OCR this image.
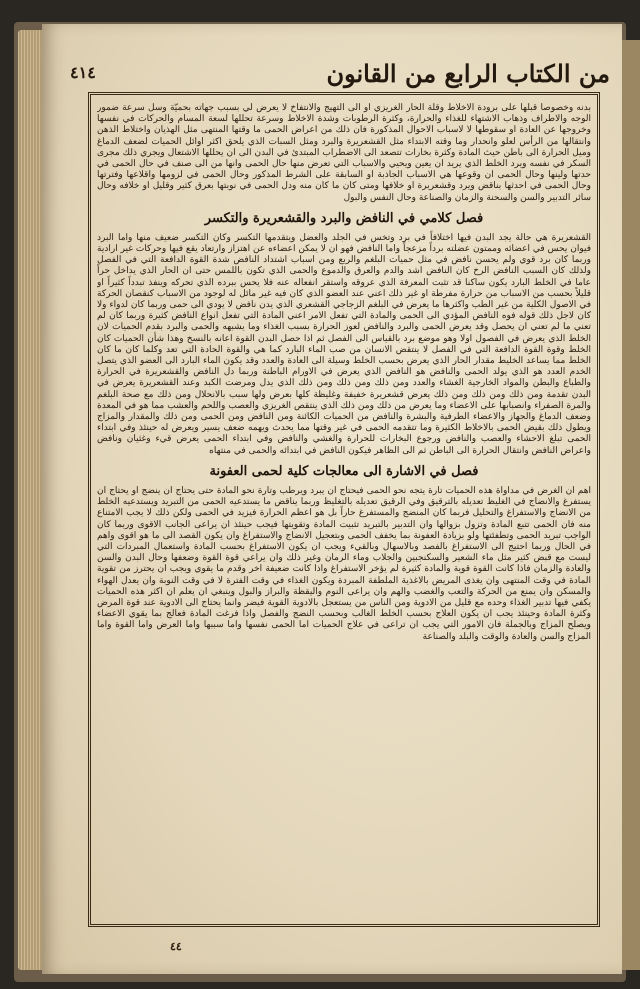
من الكتاب الرابع من القانون
٤١٤

بدنه وخصوصاً قبلها على برودة الاخلاط وقلة الحار الغريزي او الى التهيج والانتفاخ لا يعرض لي بسبب جهاته بحميّة وسل سرعة ضمور الوجه والاطراف وذهاب الاشتهاء للغذاء والحرارة، وكثرة الرطوبات وشدة الاخلاط وسرعة تحللها لسعة المسام والحركات في نفسها وخروجها عن العادة او سقوطها لا لاسباب الاحوال المذكورة فان ذلك من اعراض الحمى ما وقتها المنتهى مثل الهذيان واختلاط الذهن وانتقالها من الرأس لعلو وانحدار وما وقته الابتداء مثل القشعريرة والبرد ومثل السبات الذي يلحق اكثر اوائل الحميات لضعف الدماغ وميل الحرارة الى باطن حيث المادة وكثرة بخارات تتصعد الى الاضطراب المبتدئ في البدن الى ان يحللها الاشتعال ويجري ذلك مجرى السكر في نفسه ويرد الخلط الذي يريد ان يعين ويحيي والاسباب التي تعرض منها حال الحمى وانها من الى صنف في حال الحمى في حدتها ولينها وحال الحمى ان وقوعها هي الاسباب الجاذبة او السابقة على الشرط المذكور وحال الحمى في لزومها واقلاعها وفترتها وحال الحمى في احدثها بناقض ويرد وقشعريرة او خلافها ومتى كان ما كان منه ودل الحمى في نوبتها بعرق كثير وقليل او خلافه وحال سائر التدبير والسن والسحنة والزمان والصناعة وحال النفس والبول

فصل كلامي في النافض والبرد والقشعريرة والتكسر

القشعريرة هي حالة يجد البدن فيها اختلافاً في برد وتخس في الجلد والعضل ويتقدمها التكسر وكان التكسر ضعيف منها واما البرد فيوان يحس في اعضائه وممتون عضلته برداً مزعجاً واما النافض فهو ان لا يمكن اعضاءه عن اهتزاز وارتعاد يقع فيها وحركات غير ارادية وربما كان برد قوي ولم يحسن نافض في مثل حميات البلغم والربع ومن اسباب اشتداد النافض شدة القوة الدافعة التي في الفصل ولذلك كان السبب النافض الرخ كان النافض اشد والدم والعرق والدموع والحمى الذي تكون باللمس حتى ان الحار الذي يداخل حراً عاما في الخلط البارد يكون ساكنا قد تثبت المعرفة الذي عروقه واستقر انفعاله عنه فلا يحس ببرده الذي تحركه وينفذ تبدداً كثيراً او قليلاً بحسب من الاسباب من حرارة مفرطة او غير ذلك اعني عند العضو الذي كان فيه غير مائل له لوجود من الاسباب كنقصان الحركة في الاصول الكلية من غير الطب واكثرها ما يعرض في البلغم الزجاجي القشعري الذي يدن نافض لا يودي الى حمى وربما كان لدواء ولا كان لاجل ذلك قوله فوه النافض المؤدي الى الحمى والمادة التي تفعل الامر اعني المادة التي تفعل انواع النافض كثيرة وربما كان لم تعني ما لم تعني ان يحصل وقد يعرض الحمى والبرد والنافض لعوز الحرارة بسبب الغذاء وما يشبهه والحمى والبرد بقدم الحميات لان الخلط الذي يعرض في الفصول اولا وهو موضع برد بالقياس الى الفصل ثم اذا حصل البدن القوة اعانه بالنسخ وهذا شأن الحميات كان الخلط وقوة القوة الدافعة التي في الفصل لا ينتقض الانسان من صب الماء البارد كما هي والقوة الحادة التي تعد وكلما كان ما كان الخلط مما يساعد الخليط مقدار الحار الذي يعرض بحسب الخلط وسيلة الى العادة والعدد وقد يكون الماء البارد الى العضو الذي يتصل الخدم العدد هو الذي يولد الحمى والنافض هو النافض الذي يعرض في الاورام الباطنة وربما دل النافض والقشعريرة في الحرارة والطباع والبطن والمواد الخارجية الغشاء والعدد ومن ذلك ومن ذلك ومن ذلك الذي يدل ومرضت الكبد وعند القشعريرة يعرض في البدن تقدمة ومن ذلك ومن ذلك ومن ذلك يعرض قشعريرة خفيفة وغليظة كلها بعرض ولها سبب بالانحلال ومن ذلك مع صحة البلغم والمرة الصفراء وانصبابها على الاعضاء وما يعرض من ذلك ومن ذلك الذي ينتقص الغريزي والعصب واللحم والعشب مما هو في المعدة وضعف الدماغ والجهاز والاعضاء الطرفية والبشرة والنافض من الحميات الكائنة ومن النافض ومن الحمى ومن ذلك والمقدار والمزاج ويطول ذلك بقيض الحمى بالاخلاط الكثيرة وما تتقدمه الحمى في غير وقتها مما يحدث ويهمه ضعف يسير ويعرض له حينئذ وفي ابتداء الحمى تبلغ الاحشاء والعصب والنافض ورجوع البخارات للحرارة والغشي والنافض وفي ابتداء الحمى يعرض قيء وغثيان ونافض واعراض النافض وانتقال الحرارة الى الباطن ثم الى الظاهر فيكون النافض في ابتدائه والحمى في منتهاه

فصل في الاشارة الى معالجات كلية لحمى العفونة

اهم ان الغرض في مداواة هذه الحميات تارة يتجه نحو الحمى فيحتاج ان يبرد ويرطب وتارة نحو المادة حتى يحتاج ان ينضج او يحتاج ان يستفرغ والانضاج في الغليظ تعديله بالترقيق وفي الرقيق تعديله بالتغليظ وربما يناقض ما يستدعيه الحمى من التبريد ويستدعيه الخلط من الانضاج والاستفراغ والتحليل فربما كان المنضج والمستفرغ حاراً بل هو اعظم الحرارة فيزيد في الحمى ولكن ذلك لا يجب الامتناع منه فان الحمى تتبع المادة وتزول بزوالها وان التدبير بالتبريد تثبيت المادة وتقويتها فيجب حينئذ ان يراعى الجانب الاقوى وربما كان الواجب تبريد الحمى وتطفئتها ولو بزيادة العفونة بما يخفف الحمى وبتعجيل الانضاج والاستفراغ وان يكون القصد الى ما هو اقوى واهم في الحال وربما احتيج الى الاستفراغ بالفصد وبالاسهال وبالقيء ويجب ان يكون الاستفراغ بحسب المادة واستعمال المبردات التي ليست مع قبض كثير مثل ماء الشعير والسكنجبين والجلاب وماء الرمان وغير ذلك وان يراعي قوة القوة وضعفها وحال البدن والسن والعادة والزمان فاذا كانت القوة قوية والمادة كثيرة لم يؤخر الاستفراغ واذا كانت ضعيفة اخر وقدم ما يقوي ويجب ان يحترز من تقوية المادة في وقت المنتهى وان يغذى المريض بالاغذية الملطفة المبردة ويكون الغذاء في وقت الفترة لا في وقت النوبة وان يعدل الهواء والمسكن وان يمنع من الحركة والتعب والغضب والهم وان يراعى النوم واليقظة والبراز والبول وينبغي ان يعلم ان اكثر هذه الحميات يكفي فيها تدبير الغذاء وحده مع قليل من الادوية ومن الناس من يستعجل بالادوية القوية فيضر وانما يحتاج الى الادوية عند قوة المرض وكثرة المادة وحينئذ يجب ان يكون العلاج بحسب الخلط الغالب وبحسب النضج والفصل واذا فرغت المادة فعالج بما يقوي الاعضاء ويصلح المزاج وبالجملة فان الامور التي يجب ان تراعى في علاج الحميات اما الحمى نفسها واما سببها واما العرض واما القوة واما المزاج والسن والعادة والوقت والبلد والصناعة

٤٤
